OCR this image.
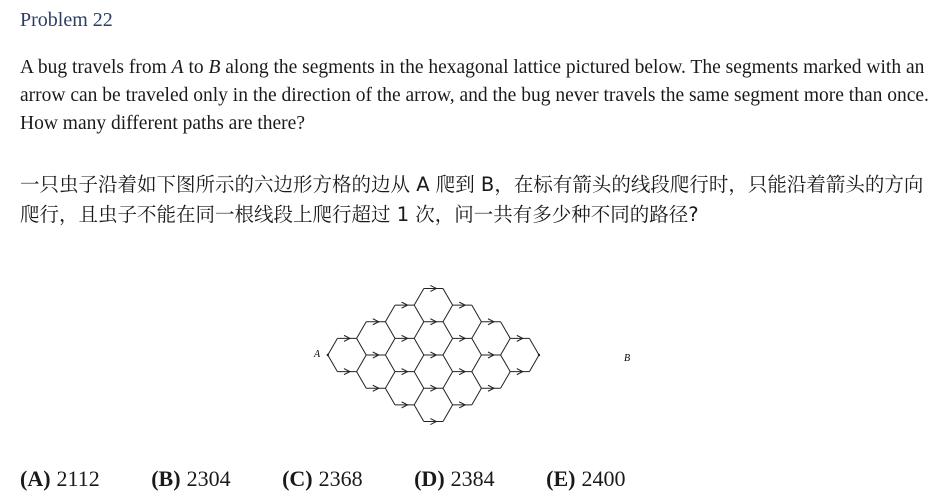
Problem 22
A bug travels from A to B along the segments in the hexagonal lattice pictured below. The segments marked with an arrow can be traveled only in the direction of the arrow, and the bug never travels the same segment more than once. How many different paths are there?
一只虫子沿着如下图所示的六边形方格的边从 A 爬到 B，在标有箭头的线段爬行时，只能沿着箭头的方向爬行，且虫子不能在同一根线段上爬行超过 1 次，问一共有多少种不同的路径?
A	B
(A) 2112 (B) 2304 (C) 2368 (D) 2384 (E) 2400
